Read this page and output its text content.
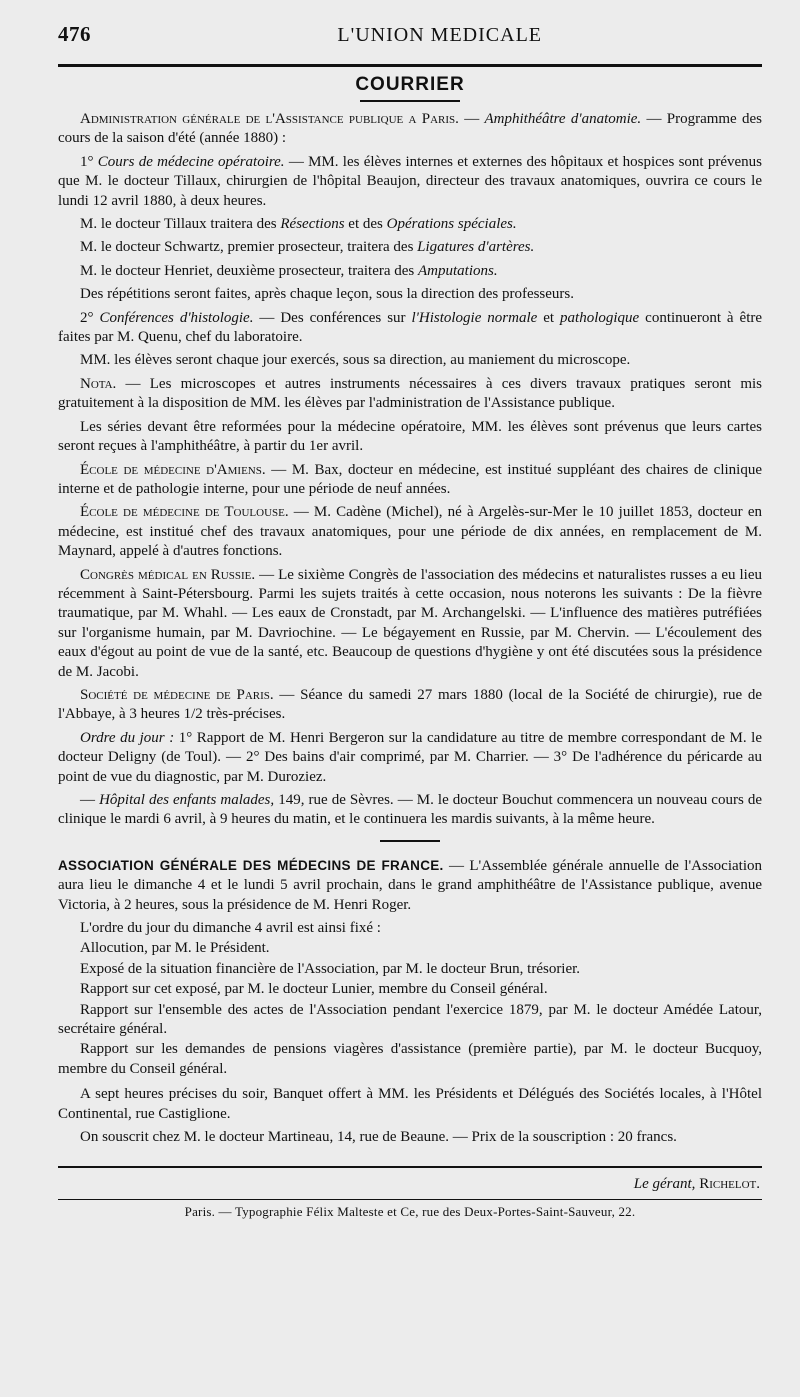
476	L'UNION MEDICALE
COURRIER

Administration générale de l'Assistance publique a Paris. — Amphithéâtre d'anatomie. — Programme des cours de la saison d'été (année 1880) :

1° Cours de médecine opératoire. — MM. les élèves internes et externes des hôpitaux et hospices sont prévenus que M. le docteur Tillaux, chirurgien de l'hôpital Beaujon, directeur des travaux anatomiques, ouvrira ce cours le lundi 12 avril 1880, à deux heures.

M. le docteur Tillaux traitera des Résections et des Opérations spéciales.

M. le docteur Schwartz, premier prosecteur, traitera des Ligatures d'artères.

M. le docteur Henriet, deuxième prosecteur, traitera des Amputations.

Des répétitions seront faites, après chaque leçon, sous la direction des professeurs.

2° Conférences d'histologie. — Des conférences sur l'Histologie normale et pathologique continueront à être faites par M. Quenu, chef du laboratoire.

MM. les élèves seront chaque jour exercés, sous sa direction, au maniement du microscope.

Nota. — Les microscopes et autres instruments nécessaires à ces divers travaux pratiques seront mis gratuitement à la disposition de MM. les élèves par l'administration de l'Assistance publique.

Les séries devant être reformées pour la médecine opératoire, MM. les élèves sont prévenus que leurs cartes seront reçues à l'amphithéâtre, à partir du 1er avril.

École de médecine d'Amiens. — M. Bax, docteur en médecine, est institué suppléant des chaires de clinique interne et de pathologie interne, pour une période de neuf années.

École de médecine de Toulouse. — M. Cadène (Michel), né à Argelès-sur-Mer le 10 juillet 1853, docteur en médecine, est institué chef des travaux anatomiques, pour une période de dix années, en remplacement de M. Maynard, appelé à d'autres fonctions.

Congrès médical en Russie. — Le sixième Congrès de l'association des médecins et naturalistes russes a eu lieu récemment à Saint-Pétersbourg. Parmi les sujets traités à cette occasion, nous noterons les suivants : De la fièvre traumatique, par M. Whahl. — Les eaux de Cronstadt, par M. Archangelski. — L'influence des matières putréfiées sur l'organisme humain, par M. Davriochine. — Le bégayement en Russie, par M. Chervin. — L'écoulement des eaux d'égout au point de vue de la santé, etc. Beaucoup de questions d'hygiène y ont été discutées sous la présidence de M. Jacobi.

Société de médecine de Paris. — Séance du samedi 27 mars 1880 (local de la Société de chirurgie), rue de l'Abbaye, à 3 heures 1/2 très-précises.

Ordre du jour : 1° Rapport de M. Henri Bergeron sur la candidature au titre de membre correspondant de M. le docteur Deligny (de Toul). — 2° Des bains d'air comprimé, par M. Charrier. — 3° De l'adhérence du péricarde au point de vue du diagnostic, par M. Duroziez.

— Hôpital des enfants malades, 149, rue de Sèvres. — M. le docteur Bouchut commencera un nouveau cours de clinique le mardi 6 avril, à 9 heures du matin, et le continuera les mardis suivants, à la même heure.

ASSOCIATION GÉNÉRALE DES MÉDECINS DE FRANCE. — L'Assemblée générale annuelle de l'Association aura lieu le dimanche 4 et le lundi 5 avril prochain, dans le grand amphithéâtre de l'Assistance publique, avenue Victoria, à 2 heures, sous la présidence de M. Henri Roger.

L'ordre du jour du dimanche 4 avril est ainsi fixé :

Allocution, par M. le Président.

Exposé de la situation financière de l'Association, par M. le docteur Brun, trésorier.

Rapport sur cet exposé, par M. le docteur Lunier, membre du Conseil général.

Rapport sur l'ensemble des actes de l'Association pendant l'exercice 1879, par M. le docteur Amédée Latour, secrétaire général.

Rapport sur les demandes de pensions viagères d'assistance (première partie), par M. le docteur Bucquoy, membre du Conseil général.

A sept heures précises du soir, Banquet offert à MM. les Présidents et Délégués des Sociétés locales, à l'Hôtel Continental, rue Castiglione.

On souscrit chez M. le docteur Martineau, 14, rue de Beaune. — Prix de la souscription : 20 francs.

Le gérant, Richelot.
Paris. — Typographie Félix Malteste et Ce, rue des Deux-Portes-Saint-Sauveur, 22.
